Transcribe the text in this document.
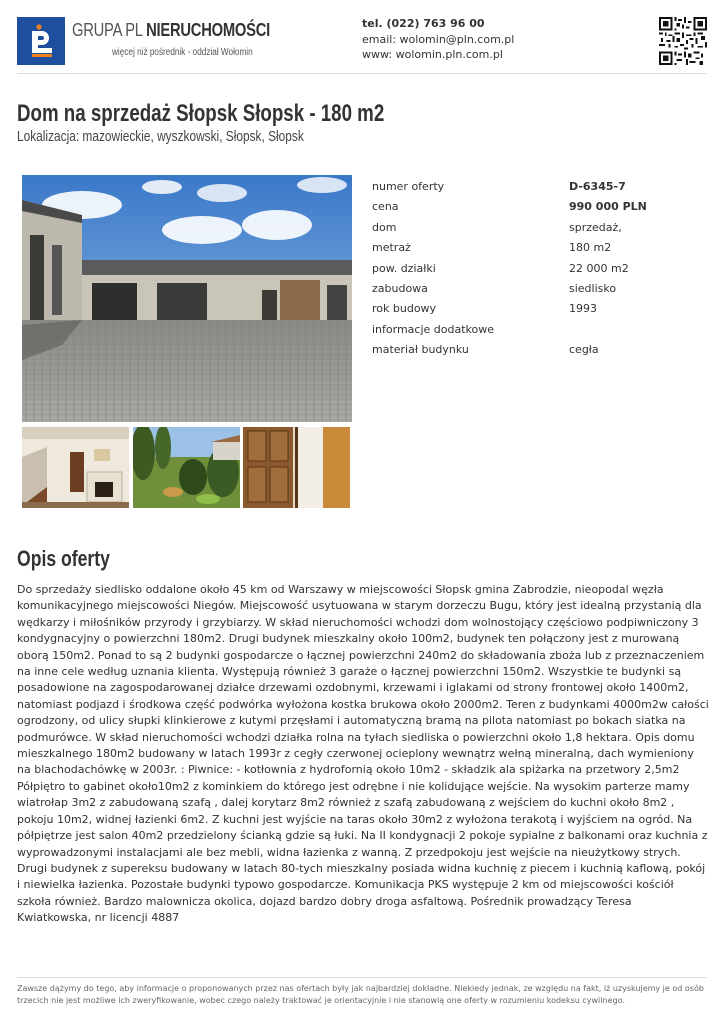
GRUPA PL NIERUCHOMOŚCI
więcej niż pośrednik - oddział Wołomin
tel. (022) 763 96 00
email: wolomin@pln.com.pl
www: wolomin.pln.com.pl
Dom na sprzedaż Słopsk Słopsk - 180 m2
Lokalizacja: mazowieckie, wyszkowski, Słopsk, Słopsk
numer oferty	D-6345-7
cena	990 000 PLN
dom	sprzedaż,
metraż	180 m2
pow. działki	22 000 m2
zabudowa	siedlisko
rok budowy	1993
informacje dodatkowe
materiał budynku	cegła
Opis oferty
Do sprzedaży siedlisko oddalone około 45 km od Warszawy w miejscowości Słopsk gmina Zabrodzie, nieopodal węzła komunikacyjnego miejscowości Niegów. Miejscowość usytuowana w starym dorzeczu Bugu, który jest idealną przystanią dla wędkarzy i miłośników przyrody i grzybiarzy. W skład nieruchomości wchodzi dom wolnostojący częściowo podpiwniczony 3 kondygnacyjny o powierzchni 180m2. Drugi budynek mieszkalny około 100m2, budynek ten połączony jest z murowaną oborą 150m2. Ponad to są 2 budynki gospodarcze o łącznej powierzchni 240m2 do składowania zboża lub z przeznaczeniem na inne cele według uznania klienta. Występują również 3 garaże o łącznej powierzchni 150m2. Wszystkie te budynki są posadowione na zagospodarowanej działce drzewami ozdobnymi, krzewami i iglakami od strony frontowej około 1400m2, natomiast podjazd i środkowa część podwórka wyłożona kostka brukowa około 2000m2. Teren z budynkami 4000m2w całości ogrodzony, od ulicy słupki klinkierowe z kutymi przęsłami i automatyczną bramą na pilota natomiast po bokach siatka na podmurówce. W skład nieruchomości wchodzi działka rolna na tyłach siedliska o powierzchni około 1,8 hektara. Opis domu mieszkalnego 180m2 budowany w latach 1993r z cegły czerwonej ocieplony wewnątrz wełną mineralną, dach wymieniony na blachodachówkę w 2003r. : Piwnice: - kotłownia z hydrofornią około 10m2 - składzik ala spiżarka na przetwory 2,5m2 Półpiętro to gabinet około10m2 z kominkiem do którego jest odrębne i nie kolidujące wejście. Na wysokim parterze mamy wiatrołap 3m2 z zabudowaną szafą , dalej korytarz 8m2 również z szafą zabudowaną z wejściem do kuchni około 8m2 , pokoju 10m2, widnej łazienki 6m2. Z kuchni jest wyjście na taras około 30m2 z wyłożona terakotą i wyjściem na ogród. Na półpiętrze jest salon 40m2 przedzielony ścianką gdzie są łuki. Na II kondygnacji 2 pokoje sypialne z balkonami oraz kuchnia z wyprowadzonymi instalacjami ale bez mebli, widna łazienka z wanną. Z przedpokoju jest wejście na nieużytkowy strych. Drugi budynek z supereksu budowany w latach 80-tych mieszkalny posiada widna kuchnię z piecem i kuchnią kaflową, pokój i niewielka łazienka. Pozostałe budynki typowo gospodarcze. Komunikacja PKS występuje 2 km od miejscowości kościół szkoła również. Bardzo malownicza okolica, dojazd bardzo dobry droga asfaltową. Pośrednik prowadzący Teresa Kwiatkowska, nr licencji 4887
Zawsze dążymy do tego, aby informacje o proponowanych przez nas ofertach były jak najbardziej dokładne. Niekiedy jednak, ze względu na fakt, iż uzyskujemy je od osób trzecich nie jest możliwe ich zweryfikowanie, wobec czego należy traktować je orientacyjnie i nie stanowią one oferty w rozumieniu kodeksu cywilnego.
